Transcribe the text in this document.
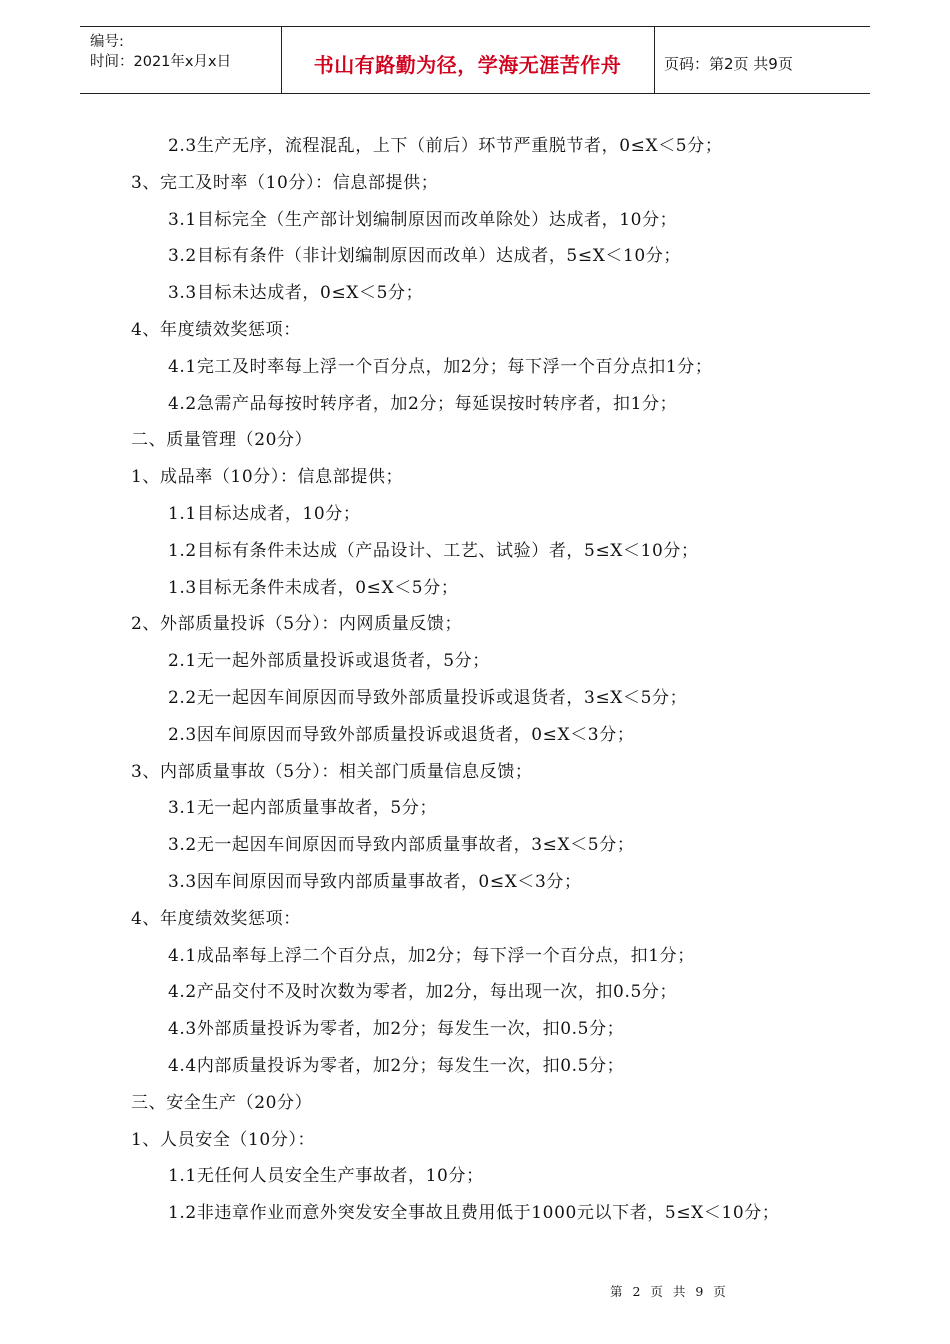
编号:
时间：2021年x月x日	书山有路勤为径，学海无涯苦作舟	页码：第2页 共9页
2.3生产无序，流程混乱，上下（前后）环节严重脱节者，0≤X＜5分；
3、完工及时率（10分）：信息部提供；
3.1目标完全（生产部计划编制原因而改单除处）达成者，10分；
3.2目标有条件（非计划编制原因而改单）达成者，5≤X＜10分；
3.3目标未达成者，0≤X＜5分；
4、年度绩效奖惩项：
4.1完工及时率每上浮一个百分点，加2分；每下浮一个百分点扣1分；
4.2急需产品每按时转序者，加2分；每延误按时转序者，扣1分；
二、质量管理（20分）
1、成品率（10分）：信息部提供；
1.1目标达成者，10分；
1.2目标有条件未达成（产品设计、工艺、试验）者，5≤X＜10分；
1.3目标无条件未成者，0≤X＜5分；
2、外部质量投诉（5分）：内网质量反馈；
2.1无一起外部质量投诉或退货者，5分；
2.2无一起因车间原因而导致外部质量投诉或退货者，3≤X＜5分；
2.3因车间原因而导致外部质量投诉或退货者，0≤X＜3分；
3、内部质量事故（5分）：相关部门质量信息反馈；
3.1无一起内部质量事故者，5分；
3.2无一起因车间原因而导致内部质量事故者，3≤X＜5分；
3.3因车间原因而导致内部质量事故者，0≤X＜3分；
4、年度绩效奖惩项：
4.1成品率每上浮二个百分点，加2分；每下浮一个百分点，扣1分；
4.2产品交付不及时次数为零者，加2分，每出现一次，扣0.5分；
4.3外部质量投诉为零者，加2分；每发生一次，扣0.5分；
4.4内部质量投诉为零者，加2分；每发生一次，扣0.5分；
三、安全生产（20分）
1、人员安全（10分）：
1.1无任何人员安全生产事故者，10分；
1.2非违章作业而意外突发安全事故且费用低于1000元以下者，5≤X＜10分；
第 2 页 共 9 页
